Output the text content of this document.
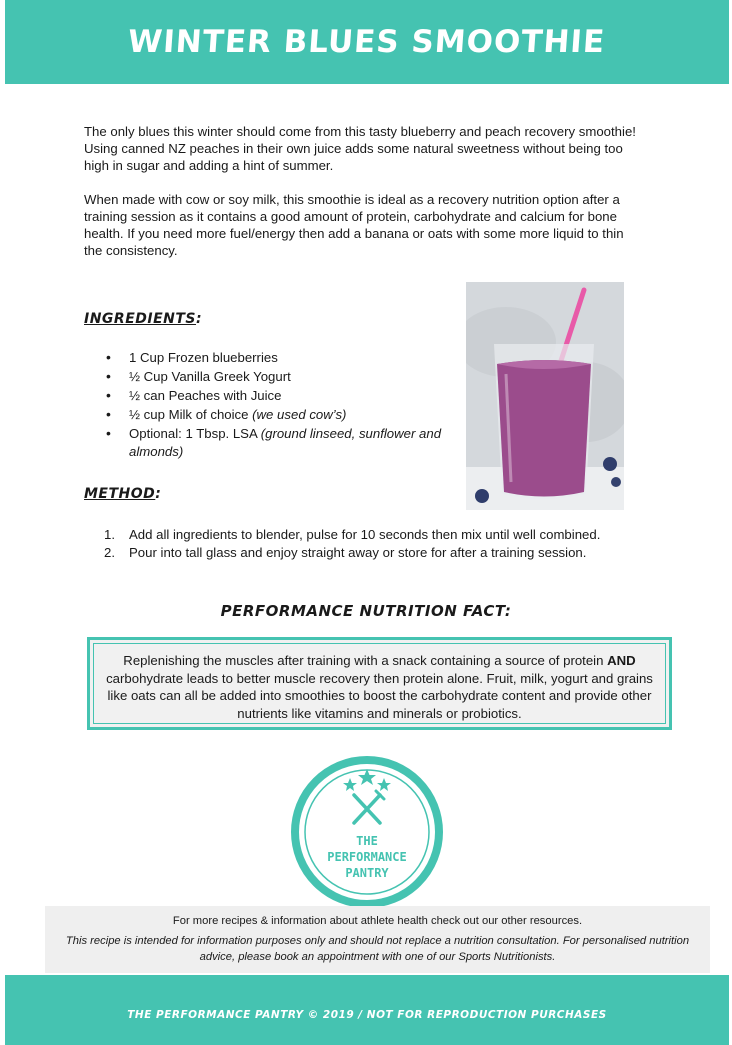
WINTER BLUES SMOOTHIE

The only blues this winter should come from this tasty blueberry and peach recovery smoothie! Using canned NZ peaches in their own juice adds some natural sweetness without being too high in sugar and adding a hint of summer.

When made with cow or soy milk, this smoothie is ideal as a recovery nutrition option after a training session as it contains a good amount of protein, carbohydrate and calcium for bone health. If you need more fuel/energy then add a banana or oats with some more liquid to thin the consistency.

INGREDIENTS:
• 1 Cup Frozen blueberries
• ½ Cup Vanilla Greek Yogurt
• ½ can Peaches with Juice
• ½ cup Milk of choice (we used cow’s)
• Optional: 1 Tbsp. LSA (ground linseed, sunflower and almonds)
METHOD:
1. Add all ingredients to blender, pulse for 10 seconds then mix until well combined.
2. Pour into tall glass and enjoy straight away or store for after a training session.
PERFORMANCE NUTRITION FACT:
Replenishing the muscles after training with a snack containing a source of protein AND carbohydrate leads to better muscle recovery then protein alone. Fruit, milk, yogurt and grains like oats can all be added into smoothies to boost the carbohydrate content and provide other nutrients like vitamins and minerals or probiotics.
THE
PERFORMANCE
PANTRY
For more recipes & information about athlete health check out our other resources.
This recipe is intended for information purposes only and should not replace a nutrition consultation. For personalised nutrition advice, please book an appointment with one of our Sports Nutritionists.
THE PERFORMANCE PANTRY © 2019 / NOT FOR REPRODUCTION PURCHASES
